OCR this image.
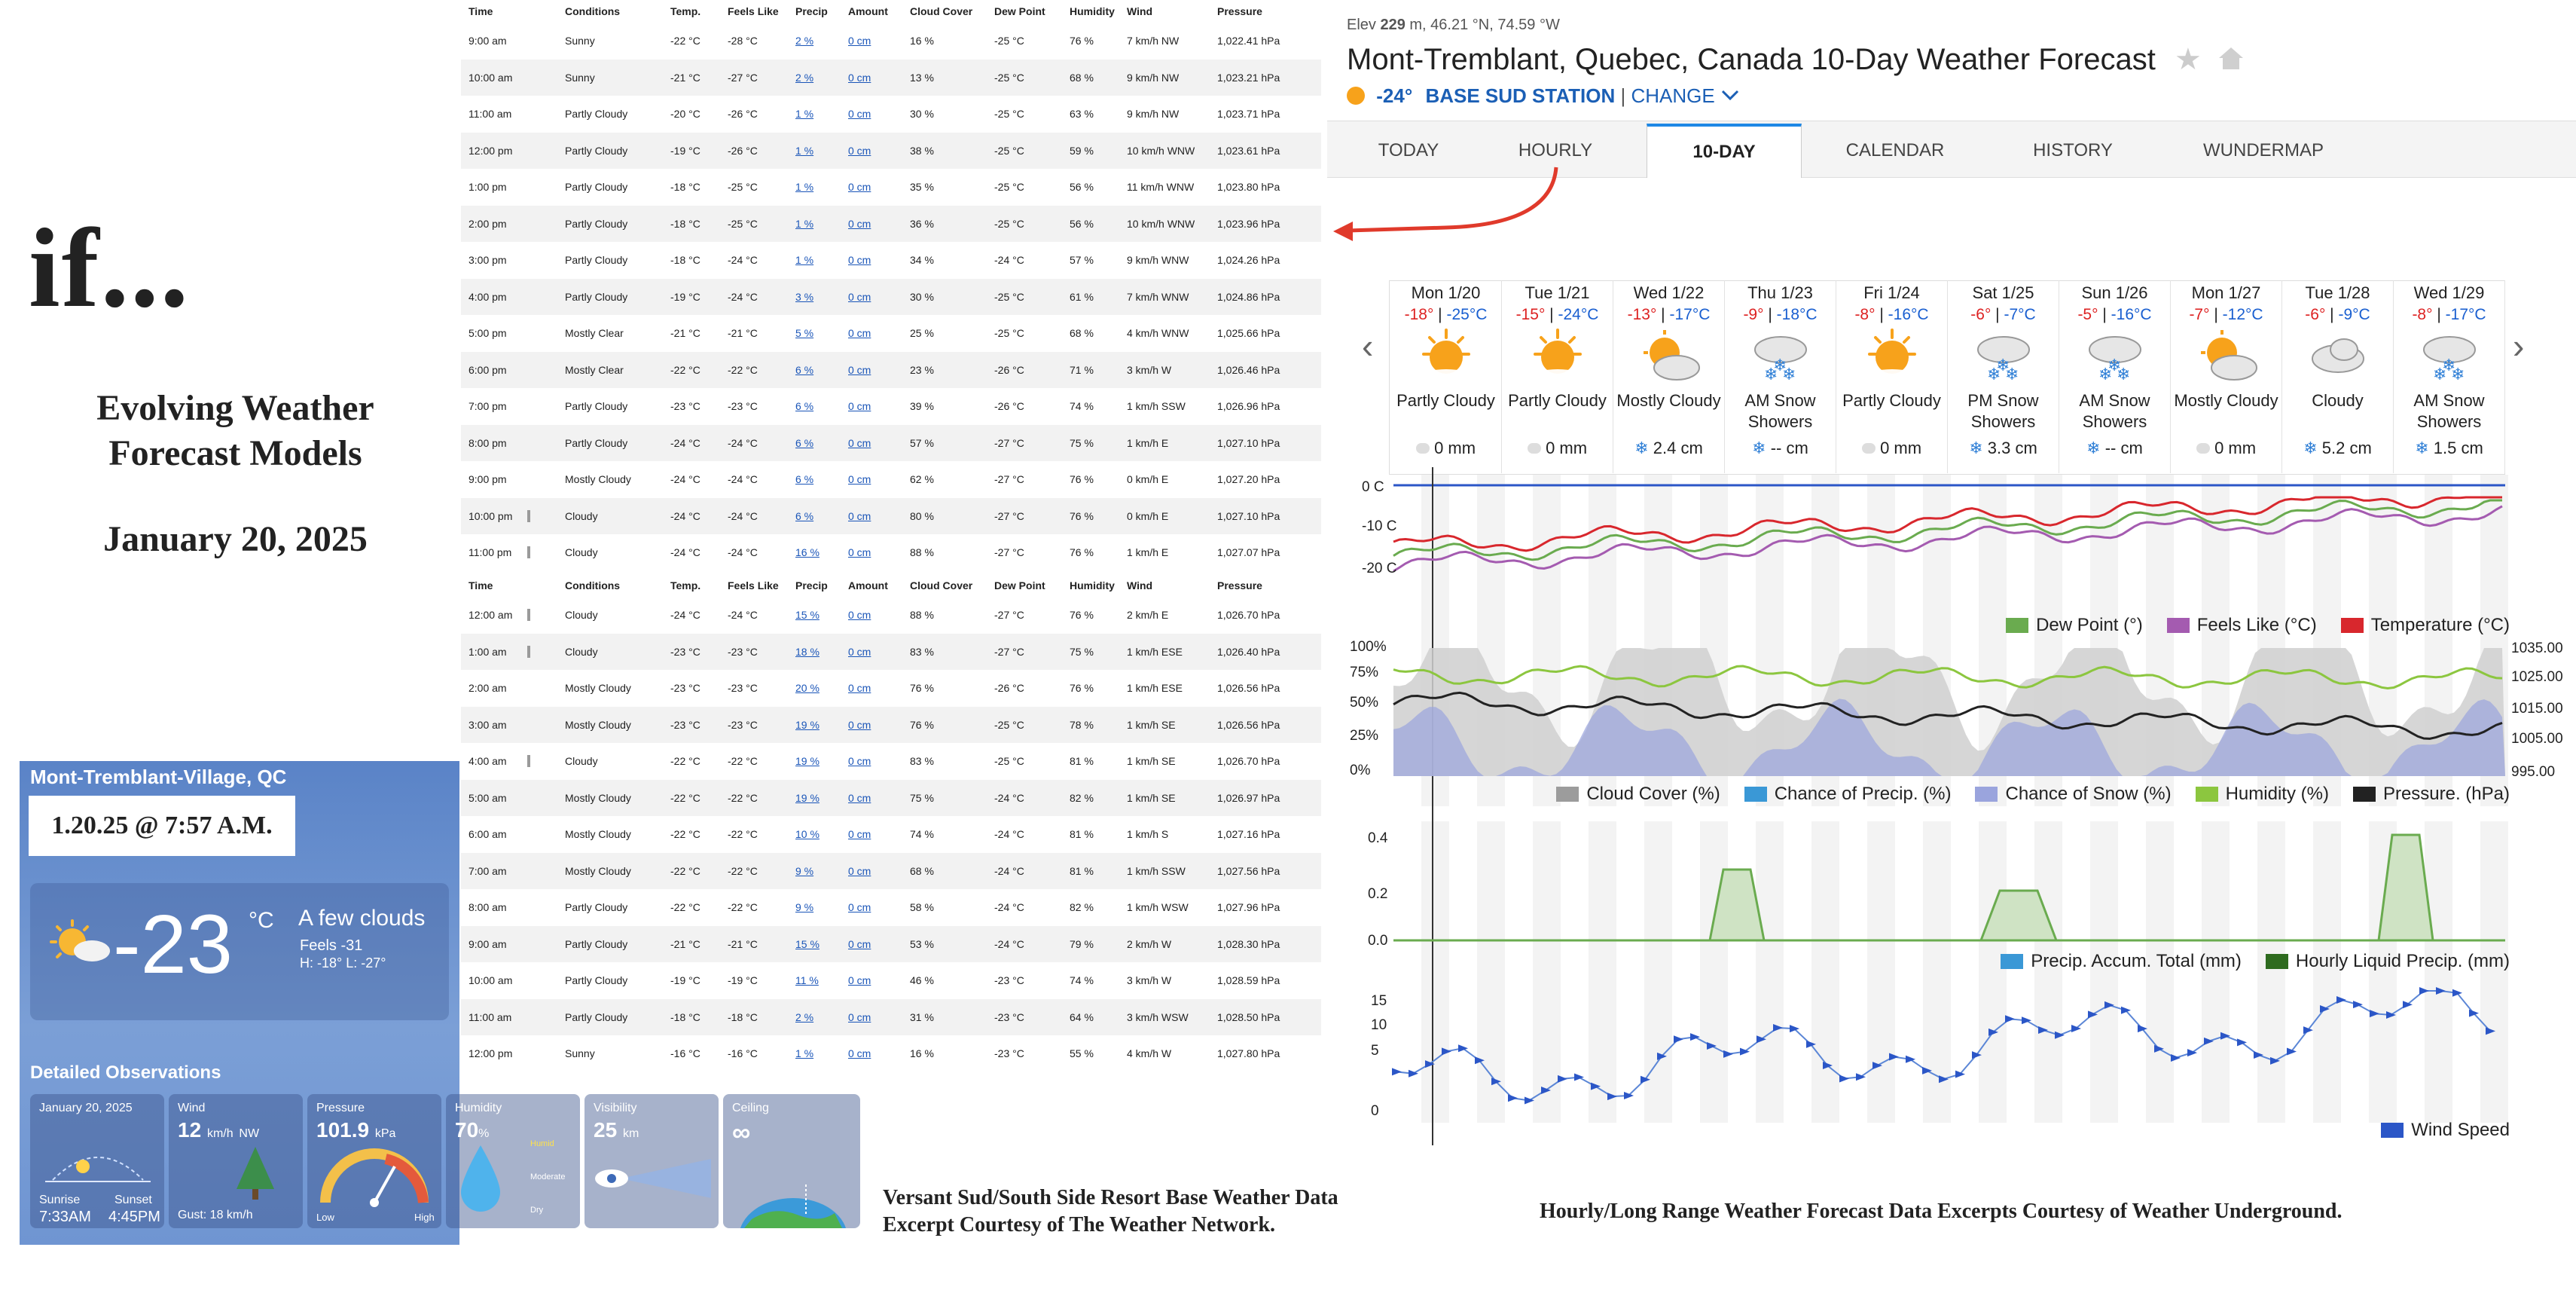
if...
Evolving Weather
Forecast Models
January 20, 2025
Time	Conditions	Temp.	Feels Like	Precip	Amount	Cloud Cover	Dew Point	Humidity	Wind	Pressure
9:00 am	Sunny	-22 °C	-28 °C	2 %	0 cm	16 %	-25 °C	76 %	7 km/h NW	1,022.41 hPa
10:00 am	Sunny	-21 °C	-27 °C	2 %	0 cm	13 %	-25 °C	68 %	9 km/h NW	1,023.21 hPa
11:00 am	Partly Cloudy	-20 °C	-26 °C	1 %	0 cm	30 %	-25 °C	63 %	9 km/h NW	1,023.71 hPa
12:00 pm	Partly Cloudy	-19 °C	-26 °C	1 %	0 cm	38 %	-25 °C	59 %	10 km/h WNW	1,023.61 hPa
1:00 pm	Partly Cloudy	-18 °C	-25 °C	1 %	0 cm	35 %	-25 °C	56 %	11 km/h WNW	1,023.80 hPa
2:00 pm	Partly Cloudy	-18 °C	-25 °C	1 %	0 cm	36 %	-25 °C	56 %	10 km/h WNW	1,023.96 hPa
3:00 pm	Partly Cloudy	-18 °C	-24 °C	1 %	0 cm	34 %	-24 °C	57 %	9 km/h WNW	1,024.26 hPa
4:00 pm	Partly Cloudy	-19 °C	-24 °C	3 %	0 cm	30 %	-25 °C	61 %	7 km/h WNW	1,024.86 hPa
5:00 pm	Mostly Clear	-21 °C	-21 °C	5 %	0 cm	25 %	-25 °C	68 %	4 km/h WNW	1,025.66 hPa
6:00 pm	Mostly Clear	-22 °C	-22 °C	6 %	0 cm	23 %	-26 °C	71 %	3 km/h W	1,026.46 hPa
7:00 pm	Partly Cloudy	-23 °C	-23 °C	6 %	0 cm	39 %	-26 °C	74 %	1 km/h SSW	1,026.96 hPa
8:00 pm	Partly Cloudy	-24 °C	-24 °C	6 %	0 cm	57 %	-27 °C	75 %	1 km/h E	1,027.10 hPa
9:00 pm	Mostly Cloudy	-24 °C	-24 °C	6 %	0 cm	62 %	-27 °C	76 %	0 km/h E	1,027.20 hPa
10:00 pm	Cloudy	-24 °C	-24 °C	6 %	0 cm	80 %	-27 °C	76 %	0 km/h E	1,027.10 hPa
11:00 pm	Cloudy	-24 °C	-24 °C	16 %	0 cm	88 %	-27 °C	76 %	1 km/h E	1,027.07 hPa
Time	Conditions	Temp.	Feels Like	Precip	Amount	Cloud Cover	Dew Point	Humidity	Wind	Pressure
12:00 am	Cloudy	-24 °C	-24 °C	15 %	0 cm	88 %	-27 °C	76 %	2 km/h E	1,026.70 hPa
1:00 am	Cloudy	-23 °C	-23 °C	18 %	0 cm	83 %	-27 °C	75 %	1 km/h ESE	1,026.40 hPa
2:00 am	Mostly Cloudy	-23 °C	-23 °C	20 %	0 cm	76 %	-26 °C	76 %	1 km/h ESE	1,026.56 hPa
3:00 am	Mostly Cloudy	-23 °C	-23 °C	19 %	0 cm	76 %	-25 °C	78 %	1 km/h SE	1,026.56 hPa
4:00 am	Cloudy	-22 °C	-22 °C	19 %	0 cm	83 %	-25 °C	81 %	1 km/h SE	1,026.70 hPa
5:00 am	Mostly Cloudy	-22 °C	-22 °C	19 %	0 cm	75 %	-24 °C	82 %	1 km/h SE	1,026.97 hPa
6:00 am	Mostly Cloudy	-22 °C	-22 °C	10 %	0 cm	74 %	-24 °C	81 %	1 km/h S	1,027.16 hPa
7:00 am	Mostly Cloudy	-22 °C	-22 °C	9 %	0 cm	68 %	-24 °C	81 %	1 km/h SSW	1,027.56 hPa
8:00 am	Partly Cloudy	-22 °C	-22 °C	9 %	0 cm	58 %	-24 °C	82 %	1 km/h WSW	1,027.96 hPa
9:00 am	Partly Cloudy	-21 °C	-21 °C	15 %	0 cm	53 %	-24 °C	79 %	2 km/h W	1,028.30 hPa
10:00 am	Partly Cloudy	-19 °C	-19 °C	11 %	0 cm	46 %	-23 °C	74 %	3 km/h W	1,028.59 hPa
11:00 am	Partly Cloudy	-18 °C	-18 °C	2 %	0 cm	31 %	-23 °C	64 %	3 km/h WSW	1,028.50 hPa
12:00 pm	Sunny	-16 °C	-16 °C	1 %	0 cm	16 %	-23 °C	55 %	4 km/h W	1,027.80 hPa
Mont-Tremblant-Village, QC
1.20.25 @ 7:57 A.M.
-23 °C A few clouds
Feels -31
H: -18° L: -27°
Detailed Observations
January 20, 2025
Sunrise	Sunset
7:33AM 4:45PM
Wind
12 km/h NW
Gust: 18 km/h
Pressure
101.9 kPa
Low	High
Humidity
70%
Humid
Moderate
Dry
Visibility
25 km
Ceiling
∞
Versant Sud/South Side Resort Base Weather Data
Excerpt Courtesy of The Weather Network.
Hourly/Long Range Weather Forecast Data Excerpts Courtesy of Weather Underground.
Elev 229 m, 46.21 °N, 74.59 °W
Mont-Tremblant, Quebec, Canada 10-Day Weather Forecast ★
-24° BASE SUD STATION | CHANGE
TODAY	HOURLY	10-DAY	CALENDAR	HISTORY	WUNDERMAP
‹	›
Mon 1/20
-18° | -25°C
Partly Cloudy
0 mm
Tue 1/21
-15° | -24°C
Partly Cloudy
0 mm
Wed 1/22
-13° | -17°C
Mostly Cloudy
❄ 2.4 cm
Thu 1/23
-9° | -18°C
❄ ❄
❄
AM Snow
Showers
❄ -- cm
Fri 1/24
-8° | -16°C
Partly Cloudy
0 mm
Sat 1/25
-6° | -7°C
❄ ❄
❄
PM Snow
Showers
❄ 3.3 cm
Sun 1/26
-5° | -16°C
❄ ❄
❄
AM Snow
Showers
❄ -- cm
Mon 1/27
-7° | -12°C
Mostly Cloudy
0 mm
Tue 1/28
-6° | -9°C
Cloudy
❄ 5.2 cm
Wed 1/29
-8° | -17°C
❄ ❄
❄
AM Snow
Showers
❄ 1.5 cm
0 C
-10 C
-20 C
100%
75%
50%
25%
0%
1035.00
1025.00
1015.00
1005.00
995.00
0.4
0.2
0.0
15
10
5
0
Dew Point (°)	Feels Like (°C)	Temperature (°C)
Cloud Cover (%)	Chance of Precip. (%)	Chance of Snow (%)	Humidity (%)	Pressure. (hPa)
Precip. Accum. Total (mm)	Hourly Liquid Precip. (mm)
Wind Speed
